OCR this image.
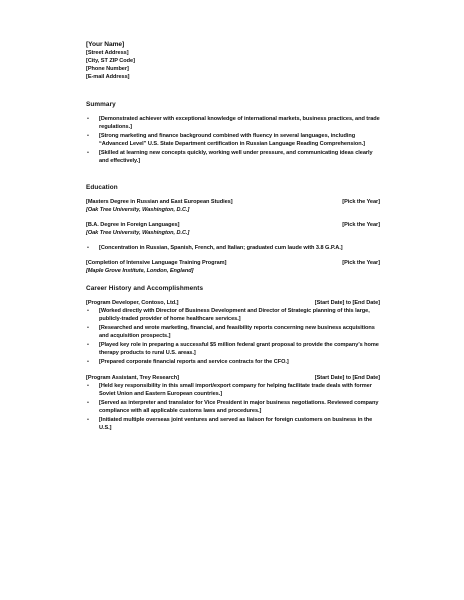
[Your Name]
[Street Address]
[City, ST ZIP Code]
[Phone Number]
[E-mail Address]
Summary
• [Demonstrated achiever with exceptional knowledge of international markets, business practices, and trade regulations.]
• [Strong marketing and finance background combined with fluency in several languages, including “Advanced Level” U.S. State Department certification in Russian Language Reading Comprehension.]
• [Skilled at learning new concepts quickly, working well under pressure, and communicating ideas clearly and effectively.]
Education
[Masters Degree in Russian and East European Studies]	[Pick the Year]
[Oak Tree University, Washington, D.C.]
[B.A. Degree in Foreign Languages]	[Pick the Year]
[Oak Tree University, Washington, D.C.]
• [Concentration in Russian, Spanish, French, and Italian; graduated cum laude with 3.8 G.P.A.]
[Completion of Intensive Language Training Program]	[Pick the Year]
[Maple Grove Institute, London, England]
Career History and Accomplishments
[Program Developer, Contoso, Ltd.]	[Start Date] to [End Date]
• [Worked directly with Director of Business Development and Director of Strategic planning of this large, publicly-traded provider of home healthcare services.]
• [Researched and wrote marketing, financial, and feasibility reports concerning new business acquisitions and acquisition prospects.]
• [Played key role in preparing a successful $5 million federal grant proposal to provide the company’s home therapy products to rural U.S. areas.]
• [Prepared corporate financial reports and service contracts for the CFO.]
[Program Assistant, Trey Research]	[Start Date] to [End Date]
• [Held key responsibility in this small import/export company for helping facilitate trade deals with former Soviet Union and Eastern European countries.]
• [Served as interpreter and translator for Vice President in major business negotiations. Reviewed company compliance with all applicable customs laws and procedures.]
• [Initiated multiple overseas joint ventures and served as liaison for foreign customers on business in the U.S.]
